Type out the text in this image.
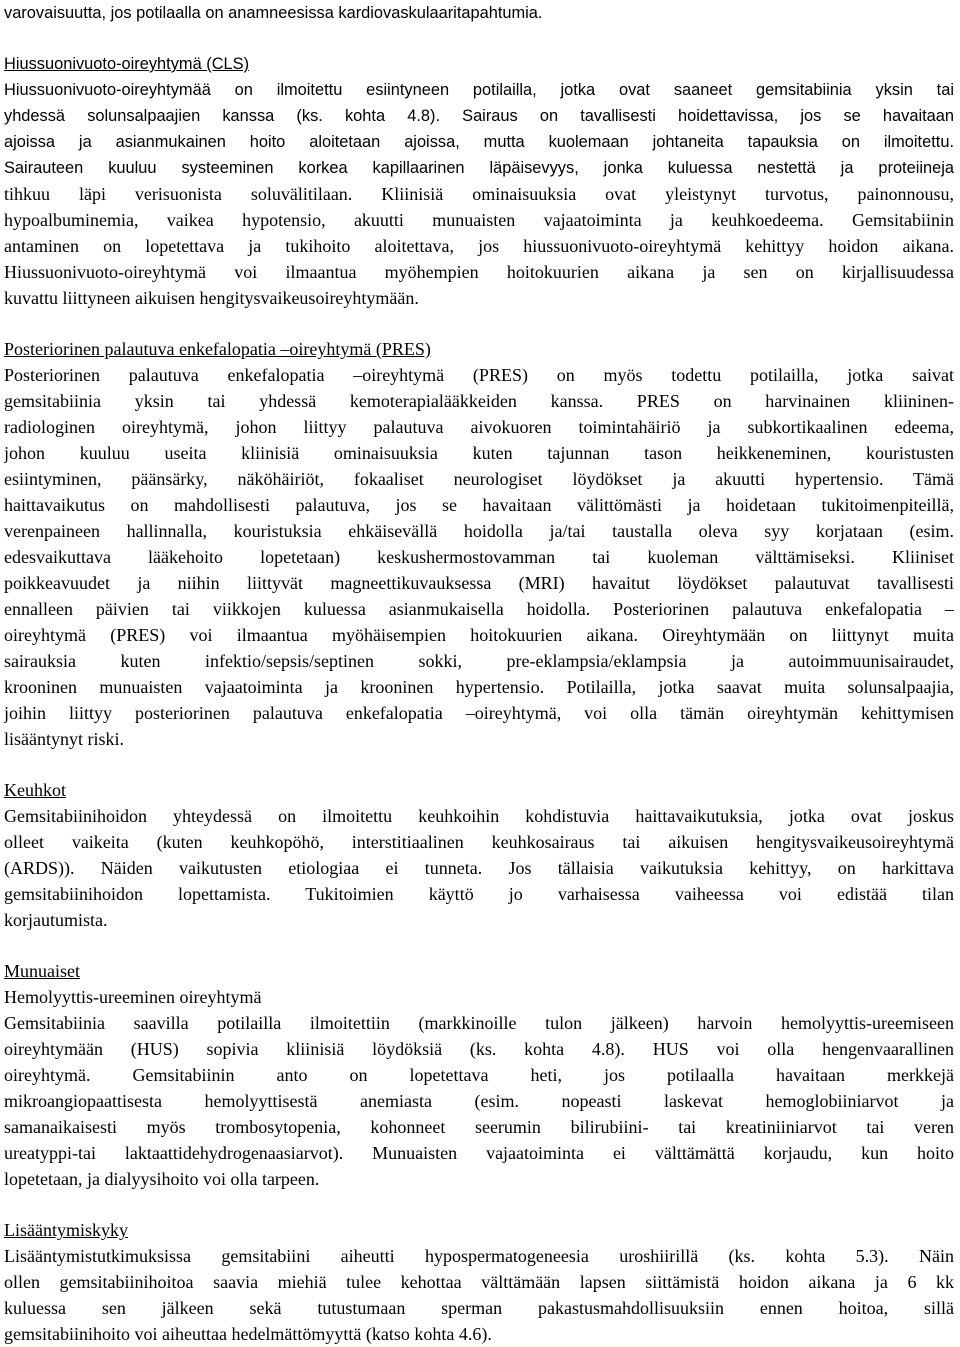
varovaisuutta, jos potilaalla on anamneesissa kardiovaskulaaritapahtumia.
Hiussuonivuoto-oireyhtymä (CLS)
Hiussuonivuoto-oireyhtymää on ilmoitettu esiintyneen potilailla, jotka ovat saaneet gemsitabiinia yksin tai
yhdessä solunsalpaajien kanssa (ks. kohta 4.8). Sairaus on tavallisesti hoidettavissa, jos se havaitaan
ajoissa ja asianmukainen hoito aloitetaan ajoissa, mutta kuolemaan johtaneita tapauksia on ilmoitettu.
Sairauteen kuuluu systeeminen korkea kapillaarinen läpäisevyys, jonka kuluessa nestettä ja proteiineja
tihkuu läpi verisuonista soluvälitilaan. Kliinisiä ominaisuuksia ovat yleistynyt turvotus, painonnousu,
hypoalbuminemia, vaikea hypotensio, akuutti munuaisten vajaatoiminta ja keuhkoedeema. Gemsitabiinin
antaminen on lopetettava ja tukihoito aloitettava, jos hiussuonivuoto-oireyhtymä kehittyy hoidon aikana.
Hiussuonivuoto-oireyhtymä voi ilmaantua myöhempien hoitokuurien aikana ja sen on kirjallisuudessa
kuvattu liittyneen aikuisen hengitysvaikeusoireyhtymään.
Posteriorinen palautuva enkefalopatia –oireyhtymä (PRES)
Posteriorinen palautuva enkefalopatia –oireyhtymä (PRES) on myös todettu potilailla, jotka saivat
gemsitabiinia yksin tai yhdessä kemoterapialääkkeiden kanssa. PRES on harvinainen kliininen-
radiologinen oireyhtymä, johon liittyy palautuva aivokuoren toimintahäiriö ja subkortikaalinen edeema,
johon kuuluu useita kliinisiä ominaisuuksia kuten tajunnan tason heikkeneminen, kouristusten
esiintyminen, päänsärky, näköhäiriöt, fokaaliset neurologiset löydökset ja akuutti hypertensio. Tämä
haittavaikutus on mahdollisesti palautuva, jos se havaitaan välittömästi ja hoidetaan tukitoimenpiteillä,
verenpaineen hallinnalla, kouristuksia ehkäisevällä hoidolla ja/tai taustalla oleva syy korjataan (esim.
edesvaikuttava lääkehoito lopetetaan) keskushermostovamman tai kuoleman välttämiseksi. Kliiniset
poikkeavuudet ja niihin liittyvät magneettikuvauksessa (MRI) havaitut löydökset palautuvat tavallisesti
ennalleen päivien tai viikkojen kuluessa asianmukaisella hoidolla. Posteriorinen palautuva enkefalopatia –
oireyhtymä (PRES) voi ilmaantua myöhäisempien hoitokuurien aikana. Oireyhtymään on liittynyt muita
sairauksia kuten infektio/sepsis/septinen sokki, pre-eklampsia/eklampsia ja autoimmuunisairaudet,
krooninen munuaisten vajaatoiminta ja krooninen hypertensio. Potilailla, jotka saavat muita solunsalpaajia,
joihin liittyy posteriorinen palautuva enkefalopatia –oireyhtymä, voi olla tämän oireyhtymän kehittymisen
lisääntynyt riski.
Keuhkot
Gemsitabiinihoidon yhteydessä on ilmoitettu keuhkoihin kohdistuvia haittavaikutuksia, jotka ovat joskus
olleet vaikeita (kuten keuhkopöhö, interstitiaalinen keuhkosairaus tai aikuisen hengitysvaikeusoireyhtymä
(ARDS)). Näiden vaikutusten etiologiaa ei tunneta. Jos tällaisia vaikutuksia kehittyy, on harkittava
gemsitabiinihoidon lopettamista. Tukitoimien käyttö jo varhaisessa vaiheessa voi edistää tilan
korjautumista.
Munuaiset
Hemolyyttis-ureeminen oireyhtymä
Gemsitabiinia saavilla potilailla ilmoitettiin (markkinoille tulon jälkeen) harvoin hemolyyttis-ureemiseen
oireyhtymään (HUS) sopivia kliinisiä löydöksiä (ks. kohta 4.8). HUS voi olla hengenvaarallinen
oireyhtymä. Gemsitabiinin anto on lopetettava heti, jos potilaalla havaitaan merkkejä
mikroangiopaattisesta hemolyyttisestä anemiasta (esim. nopeasti laskevat hemoglobiiniarvot ja
samanaikaisesti myös trombosytopenia, kohonneet seerumin bilirubiini- tai kreatiniiniarvot tai veren
ureatyppi-tai laktaattidehydrogenaasiarvot). Munuaisten vajaatoiminta ei välttämättä korjaudu, kun hoito
lopetetaan, ja dialyysihoito voi olla tarpeen.
Lisääntymiskyky
Lisääntymistutkimuksissa gemsitabiini aiheutti hypospermatogeneesia uroshiirillä (ks. kohta 5.3). Näin
ollen gemsitabiinihoitoa saavia miehiä tulee kehottaa välttämään lapsen siittämistä hoidon aikana ja 6 kk
kuluessa sen jälkeen sekä tutustumaan sperman pakastusmahdollisuuksiin ennen hoitoa, sillä
gemsitabiinihoito voi aiheuttaa hedelmättömyyttä (katso kohta 4.6).
